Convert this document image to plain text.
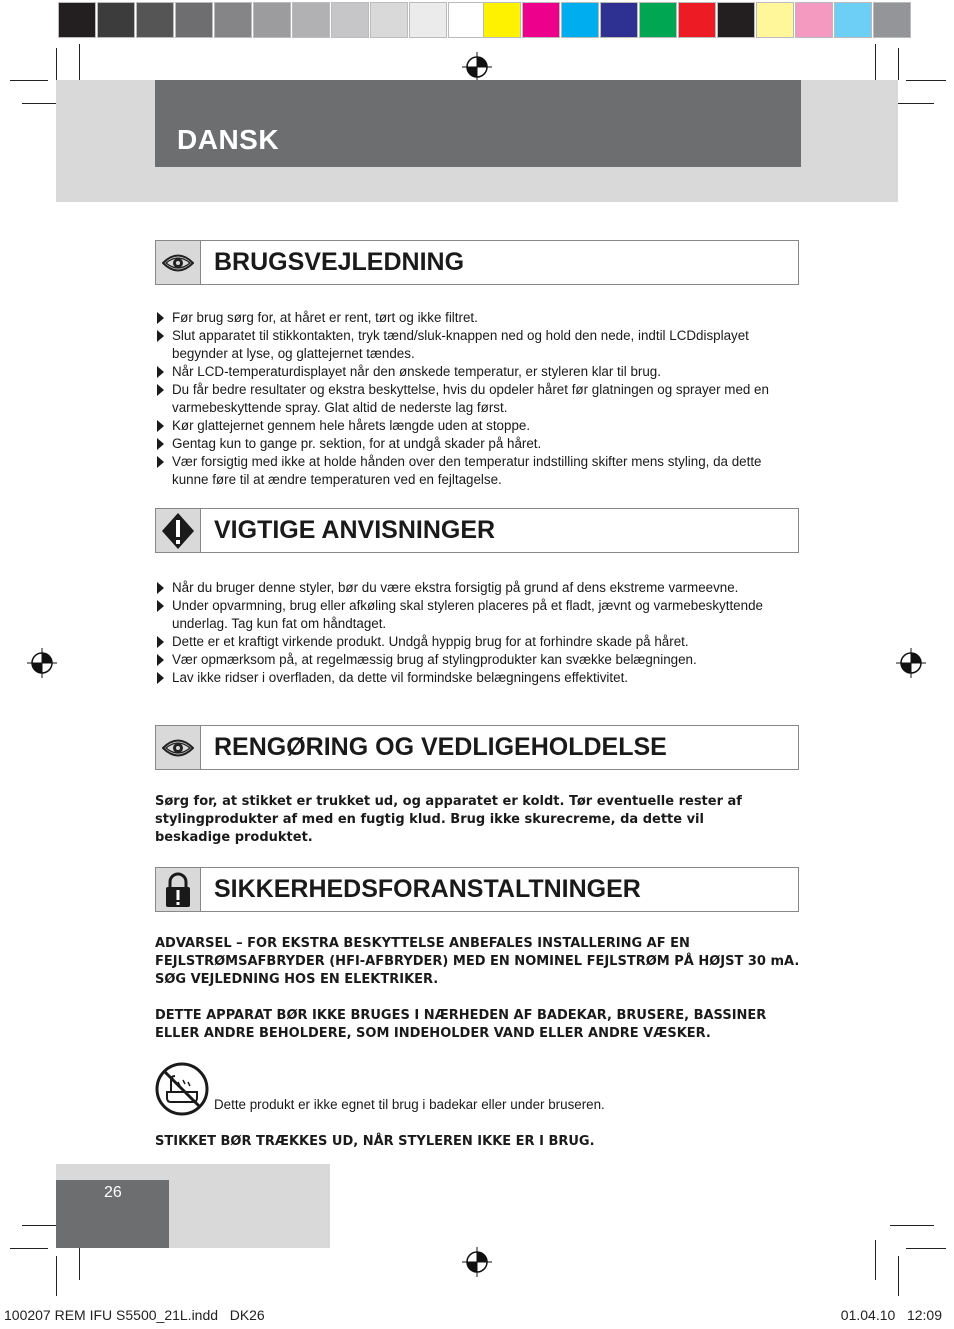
DANSK
BRUGSVEJLEDNING
Før brug sørg for, at håret er rent, tørt og ikke filtret.
Slut apparatet til stikkontakten, tryk tænd/sluk-knappen ned og hold den nede, indtil LCDdisplayet begynder at lyse, og glattejernet tændes.
Når LCD-temperaturdisplayet når den ønskede temperatur, er styleren klar til brug.
Du får bedre resultater og ekstra beskyttelse, hvis du opdeler håret før glatningen og sprayer med en varmebeskyttende spray. Glat altid de nederste lag først.
Kør glattejernet gennem hele hårets længde uden at stoppe.
Gentag kun to gange pr. sektion, for at undgå skader på håret.
Vær forsigtig med ikke at holde hånden over den temperatur indstilling skifter mens styling, da dette kunne føre til at ændre temperaturen ved en fejltagelse.
VIGTIGE ANVISNINGER
Når du bruger denne styler, bør du være ekstra forsigtig på grund af dens ekstreme varmeevne.
Under opvarmning, brug eller afkøling skal styleren placeres på et fladt, jævnt og varmebeskyttende underlag. Tag kun fat om håndtaget.
Dette er et kraftigt virkende produkt. Undgå hyppig brug for at forhindre skade på håret.
Vær opmærksom på, at regelmæssig brug af stylingprodukter kan svække belægningen.
Lav ikke ridser i overfladen, da dette vil formindske belægningens effektivitet.
RENGØRING OG VEDLIGEHOLDELSE

Sørg for, at stikket er trukket ud, og apparatet er koldt. Tør eventuelle rester af stylingprodukter af med en fugtig klud. Brug ikke skurecreme, da dette vil beskadige produktet.

SIKKERHEDSFORANSTALTNINGER

ADVARSEL – FOR EKSTRA BESKYTTELSE ANBEFALES INSTALLERING AF EN FEJLSTRØMSAFBRYDER (HFI-AFBRYDER) MED EN NOMINEL FEJLSTRØM PÅ HØJST 30 mA. SØG VEJLEDNING HOS EN ELEKTRIKER.

DETTE APPARAT BØR IKKE BRUGES I NÆRHEDEN AF BADEKAR, BRUSERE, BASSINER ELLER ANDRE BEHOLDERE, SOM INDEHOLDER VAND ELLER ANDRE VÆSKER.

Dette produkt er ikke egnet til brug i badekar eller under bruseren.

STIKKET BØR TRÆKKES UD, NÅR STYLEREN IKKE ER I BRUG.

26
100207 REM IFU S5500_21L.indd   DK26	01.04.10   12:09
